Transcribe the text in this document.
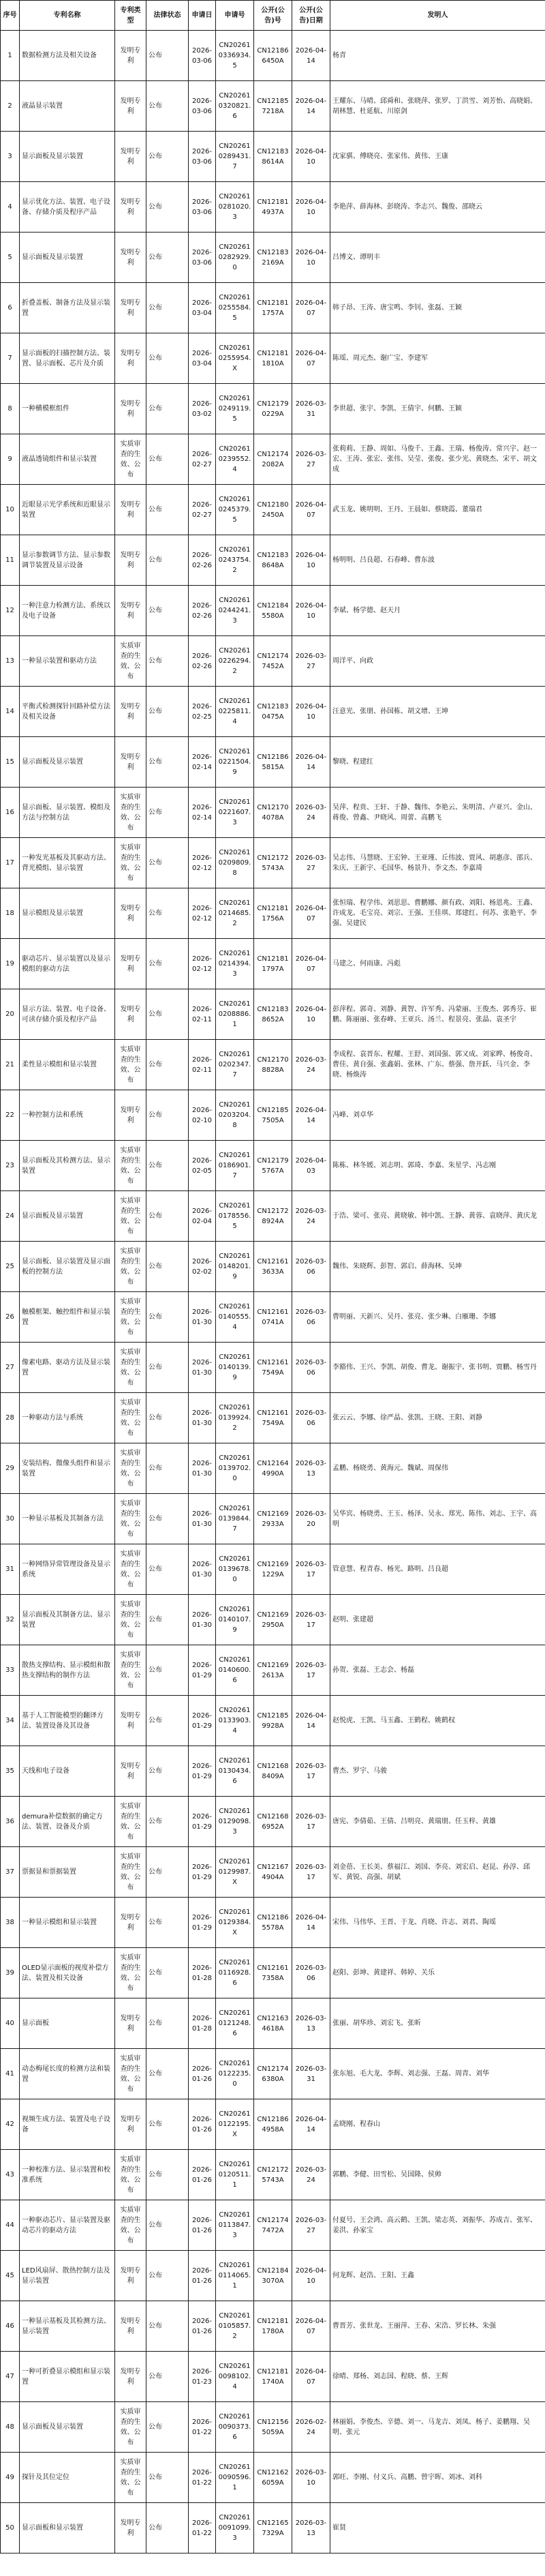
序号	专利名称	专利类型	法律状态	申请日	申请号	公开(公告)号	公开(公告)日期	发明人
1	数据检测方法及相关设备	发明专利	公布	2026-03-06	CN202610336934.5	CN121866450A	2026-04-14	杨青
2	液晶显示装置	发明专利	公布	2026-03-06	CN202610320821.6	CN121857218A	2026-04-14	王耀东、马晴、邱舜和、张晓萍、张罗、丁洪雪、刘芳怡、高晓娟、胡林慧、杜延航、川原剑
3	显示面板及显示装置	发明专利	公布	2026-03-06	CN202610289431.7	CN121838614A	2026-04-10	沈家骐、傅晓亮、张家伟、黄伟、王康
4	显示优化方法、装置、电子设备、存储介质及程序产品	发明专利	公布	2026-03-06	CN202610281020.3	CN121814937A	2026-04-10	李艳萍、薛海林、彭晓涛、李志兴、魏俊、邵晓云
5	显示面板及显示装置	发明专利	公布	2026-03-06	CN202610282929.0	CN121832169A	2026-04-10	吕博文、谭明丰
6	折叠盖板、制备方法及显示装置	发明专利	公布	2026-03-04	CN202610255584.5	CN121811757A	2026-04-07	韩子昂、王涛、唐宝鸣、李钊、张磊、王颖
7	显示面板的扫描控制方法、装置、显示面板、芯片及介质	发明专利	公布	2026-03-04	CN202610255954.X	CN121811810A	2026-04-07	陈瑶、周元杰、谢广宝、李建军
8	一种横模框组件	发明专利	公布	2026-03-02	CN202610249119.5	CN121790229A	2026-03-31	李世超、张宇、李凯、王倩宇、何鹏、王颖
9	液晶透镜组件和显示装置	实质审查的生效、公布	公布	2026-02-27	CN202610239552.4	CN121742082A	2026-03-27	张莉莉、王静、周如、马俊千、王鑫、王瑞、杨俊涛、常兴宇、赵一宏、王涛、张宏、张伟、吴莹、张俊、张少光、黄晓杰、宋平、胡文成
10	近眼显示光学系统和近眼显示装置	发明专利	公布	2026-02-27	CN202610245379.5	CN121802450A	2026-04-07	武玉龙、姚明明、王丹、王晨如、蔡晓霞、董瑞君
11	显示参数调节方法、显示参数调节装置及显示设备	发明专利	公布	2026-02-26	CN202610243754.2	CN121838648A	2026-04-10	杨明明、吕良超、石春峰、曹东波
12	一种注意力检测方法、系统以及电子设备	发明专利	公布	2026-02-26	CN202610244241.3	CN121845580A	2026-04-10	李斌、杨学德、赵天月
13	一种显示装置和驱动方法	实质审查的生效、公布	公布	2026-02-26	CN202610226294.2	CN121747452A	2026-03-27	周洋平、向政
14	平衡式检测探针回路补偿方法及相关设备	发明专利	公布	2026-02-25	CN202610225811.4	CN121830475A	2026-04-10	汪意光、张朋、孙国栋、胡文增、王坤
15	显示面板及显示装置	发明专利	公布	2026-02-14	CN202610221504.9	CN121865815A	2026-04-14	黎晓、程建红
16	显示面板、显示装置、模组及方法与控制方法	实质审查的生效、公布	公布	2026-02-14	CN202610221607.3	CN121704078A	2026-03-24	吴萍、程贵、王轩、于静、魏伟、李艳云、朱明清、卢亚兴、金山、蒋俊、曾鑫、尹晓风、周蕾、高鹏飞
17	一种发光基板及其驱动方法、背光模组、显示装置	实质审查的生效、公布	公布	2026-02-12	CN202610209809.8	CN121725743A	2026-03-27	吴志伟、马慧晓、王宏钟、王亚瑾、丘伟波、贾风、胡惠彦、邵兵、朱庆、王新宇、毛国华、杨景升、李文杰、李嘉琦
18	显示模组及显示装置	发明专利	公布	2026-02-12	CN202610214685.2	CN121811756A	2026-04-07	张恒瑞、程学伟、刘思思、曹鹏娜、颜有政、刘阳、杨恩兆、王鑫、许成龙、毛宝亮、刘宗、王强、王佳琪、郑建红、何苏、张艳平、李强、吴建民
19	驱动芯片、显示装置以及显示模组的驱动方法	发明专利	公布	2026-02-12	CN202610214394.3	CN121811797A	2026-04-07	马建之、何雨康、冯彪
20	显示方法、装置、电子设备、可读存储介质及程序产品	发明专利	公布	2026-02-11	CN202610208886.1	CN121838652A	2026-04-10	彭萍程、郭奇、刘静、黄智、许军秀、冯蒙丽、王俊杰、郭秀芬、崔鹏、陈丽丽、张春峰、王亚兵、汤兰、程景亮、张晶、袁圣宇
21	柔性显示模组和显示装置	实质审查的生效、公布	公布	2026-02-11	CN202610202347.7	CN121708828A	2026-03-24	李成程、袁晋东、程耀、王舒、刘国强、郭又成、刘家晔、杨俊奇、曹佳、黄自强、张鑫娟、张林、广东、蔡强、詹开跃、马兴金、李晓、杨焕涛
22	一种控制方法和系统	发明专利	公布	2026-02-10	CN202610203204.8	CN121857505A	2026-04-14	冯峰、刘卓华
23	显示面板及其检测方法、显示装置	实质审查的生效、公布	公布	2026-02-05	CN202610186901.7	CN121795767A	2026-04-03	陈栋、林冬媛、刘志明、郭琦、李嘉、朱星学、冯志刚
24	显示面板及显示装置	实质审查的生效、公布	公布	2026-02-04	CN202610178556.5	CN121728924A	2026-03-24	于浩、梁可、张亮、黄晓敏、韩中凯、王静、黄蓉、袁晓萍、黄庆龙
25	显示面板、显示装置及显示面板的控制方法	实质审查的生效、公布	公布	2026-02-02	CN202610148201.9	CN121613633A	2026-03-06	魏伟、朱晓辉、彭智、郭启、薛海林、吴坤
26	触模框架、触控组件和显示装置	实质审查的生效、公布	公布	2026-01-30	CN202610140555.4	CN121610741A	2026-03-06	曹明丽、天新兴、吴丹、张亮、张少琳、白雁珊、李娜
27	像素电路、驱动方法及显示装置	实质审查的生效、公布	公布	2026-01-30	CN202610140139.9	CN121617549A	2026-03-06	李豁伟、王兴、李凯、胡俊、曹龙、谢振宇、张书明、贾鹏、杨雪丹
28	一种驱动方法与系统	实质审查的生效、公布	公布	2026-01-30	CN202610139924.2	CN121617549A	2026-03-06	张云云、李娜、徐严晶、张凯、王晓、王阳、刘静
29	安装结构、微像头组件和显示装置	实质审查的生效、公布	公布	2026-01-30	CN202610139702.0	CN121644990A	2026-03-13	孟鹏、杨晓勇、黄海元、魏斌、周保伟
30	一种显示基板及其制备方法	实质审查的生效、公布	公布	2026-01-30	CN202610139844.7	CN121692933A	2026-03-20	吴华宾、杨晓勇、王玉、杨泽、吴永、郑光、陈伟、刘志、王宇、高明
31	一种网络异常管理设备及显示系统	实质审查的生效、公布	公布	2026-01-30	CN202610139678.0	CN121691229A	2026-03-17	管意慧、程青春、杨光、路明、吕良超
32	显示面板及其制备方法、显示装置	实质审查的生效、公布	公布	2026-01-30	CN202610140107.9	CN121692950A	2026-03-17	赵明、张建超
33	散热支撑结构、显示模组和散热支撑结构的制作方法	实质审查的生效、公布	公布	2026-01-29	CN202610140600.6	CN121692613A	2026-03-17	孙贺、张磊、王志会、杨磊
34	基于人工智能模型的翻译方法、装置设备及其设备	发明专利	公布	2026-01-29	CN202610133903.4	CN121859928A	2026-04-14	赵悦虎、王凯、马玉鑫、王鹤程、姚鹤权
35	天线和电子设备	发明专利	公布	2026-01-29	CN202610130434.6	CN121688409A	2026-03-17	曹杰、罗宇、马骏
36	demura补偿数据的确定方法、装置、设备及介质	实质审查的生效、公布	公布	2026-01-29	CN202610129098.3	CN121686952A	2026-03-17	唐宪、李倩茹、王倩、吕明亮、黄瑞朋、任玉梓、黄雄
37	票据显和票据装置	实质审查的生效、公布	公布	2026-01-29	CN202610129987.X	CN121674904A	2026-03-17	刘金蓓、王长美、蔡福江、刘国、李亮、刘宏启、赵昆、孙淳、邱军、黄锐、高强、胡斌
38	一种显示模组和显示装置	发明专利	公布	2026-01-29	CN202610129384.X	CN121865578A	2026-04-14	宋伟、马伟华、王晋、于龙、肖晓、许志、刘君、陶瑶
39	OLED显示面板的视度补偿方法、装置及相关设备	实质审查的生效、公布	公布	2026-01-28	CN202610116928.6	CN121617358A	2026-03-06	赵阳、彭坤、黄建祥、韩婷、关乐
40	显示面板	发明专利	公布	2026-01-28	CN202610121248.6	CN121634618A	2026-03-13	张丽、胡华珍、刘宏飞、张昕
41	动态梅尾长度的检测方法和装置	实质审查的生效、公布	公布	2026-01-26	CN202610122235.0	CN121746380A	2026-03-31	张东旭、毛大龙、李辉、刘志强、王磊、周青、刘华
42	视频生成方法、装置及电子设备	发明专利	公布	2026-01-26	CN202610122195.X	CN121864958A	2026-04-14	孟晓刚、程春山
43	一种校准方法、显示装置和校准系统	实质审查的生效、公布	公布	2026-01-26	CN202610120511.1	CN121725743A	2026-03-24	郭鹏、李健、田雪松、吴国隆、侯帅
44	一种驱动芯片、显示装置及驱动芯片的驱动方法	实质审查的生效、公布	公布	2026-01-26	CN202610113847.3	CN121747472A	2026-03-27	付夏号、王会鸿、高云鹤、王凯、梁志英、刘振华、苏成吉、张军、姜洪、孙家宝
45	LED风扇屏、散热控制方法及显示装置	发明专利	公布	2026-01-26	CN202610114065.1	CN121843070A	2026-04-10	何龙辉、赵浩、王阳、王鑫
46	一种显示基板及其检测方法、显示装置	发明专利	公布	2026-01-26	CN202610105857.2	CN121811780A	2026-04-07	曹晋芳、张世龙、王丽萍、王春、宋浩、罗长林、朱强
47	一种可折叠显示模组和显示装置	发明专利	公布	2026-01-23	CN202610098102.4	CN121811740A	2026-04-07	徐晴、郑杨、刘志国、程晓、蔡、王辉
48	显示面板及显示装置	实质审查的生效、公布	公布	2026-01-22	CN202610090373.6	CN121565059A	2026-02-24	林丽娟、李俊杰、辛德、刘一、马龙吉、刘凤、杨子、姜鹏翔、吴明、张元
49	探针及其位定位	实质审查的生效、公布	公布	2026-01-22	CN202610090596.1	CN121626059A	2026-03-10	郭旺、李刚、付义兵、高鹏、曾宇晖、刘冰、刘科
50	显示面板和显示装置	发明专利	公布	2026-01-22	CN202610091099.3	CN121657329A	2026-03-13	崔贤
